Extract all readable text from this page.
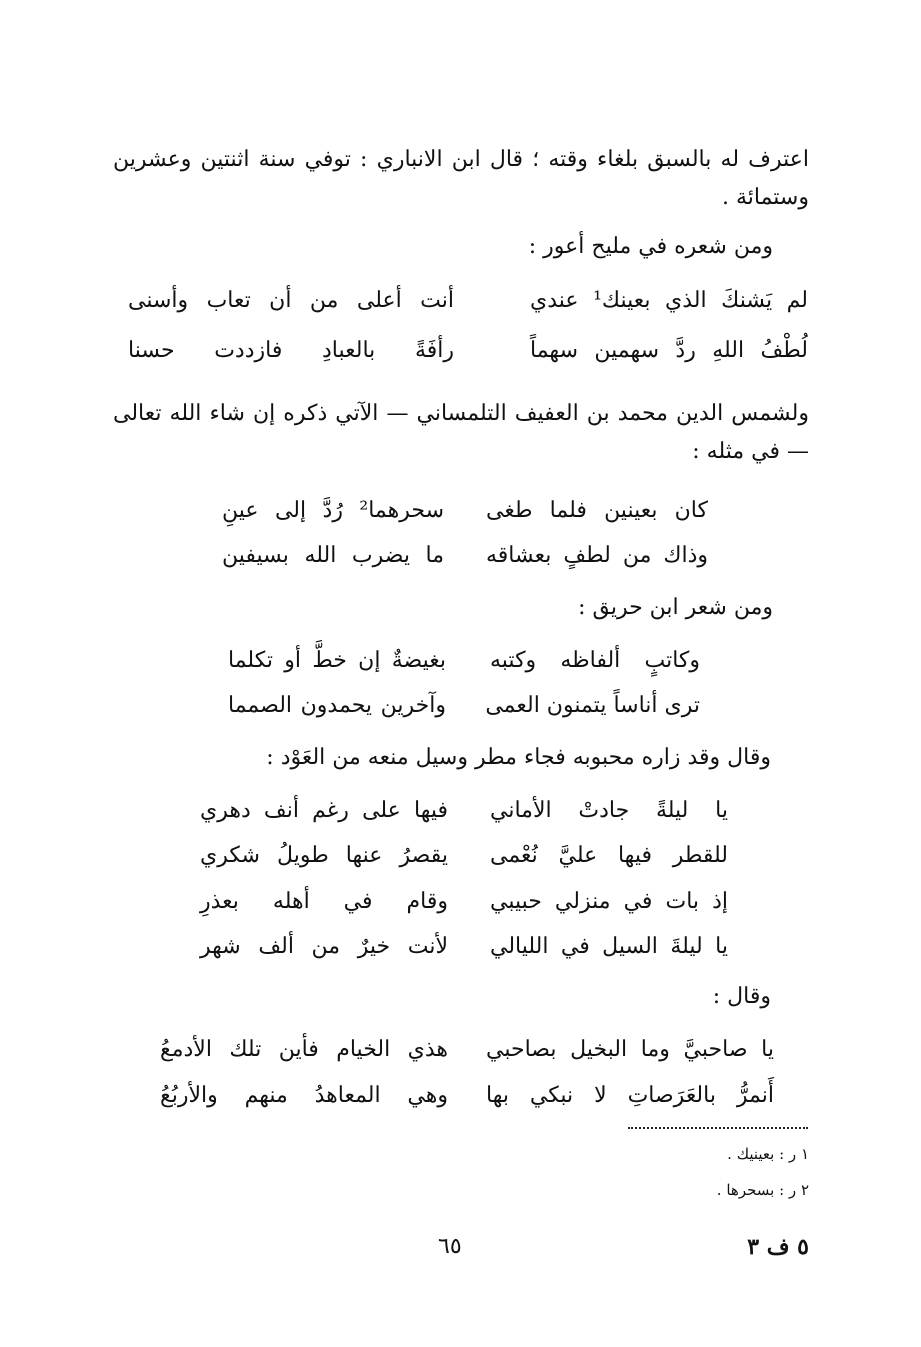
اعترف له بالسبق بلغاء وقته ؛ قال ابن الانباري : توفي سنة اثنتين وعشرين وستمائة .
ومن شعره في مليح أعور :
لم يَشنكَ الذي بعينك¹ عندي
أنت أعلى من أن تعاب وأسنى
لُطْفُ اللهِ ردَّ سهمين سهماً
رأفَةً بالعبادِ فازددت حسنا
ولشمس الدين محمد بن العفيف التلمساني — الآتي ذكره إن شاء الله تعالى — في مثله :
كان بعينين فلما طغى
سحرهما² رُدَّ إلى عينِ
وذاك من لطفٍ بعشاقه
ما يضرب الله بسيفين
ومن شعر ابن حريق :
وكاتبٍ ألفاظه وكتبه
بغيضةٌ إن خطَّ أو تكلما
ترى أناساً يتمنون العمى
وآخرين يحمدون الصمما
وقال وقد زاره محبوبه فجاء مطر وسيل منعه من العَوْد :
يا ليلةً جادتْ الأماني
فيها على رغم أنف دهري
للقطر فيها عليَّ نُعْمى
يقصرُ عنها طويلُ شكري
إذ بات في منزلي حبيبي
وقام في أهله بعذرِ
يا ليلةَ السيل في الليالي
لأنت خيرٌ من ألف شهر
وقال :
يا صاحبيَّ وما البخيل بصاحبي
هذي الخيام فأين تلك الأدمعُ
أَنمرُّ بالعَرَصاتِ لا نبكي بها
وهي المعاهدُ منهم والأربُعُ
١ ر : بعينيك .
٢ ر : بسحرها .
٦٥	٥ ف ٣
